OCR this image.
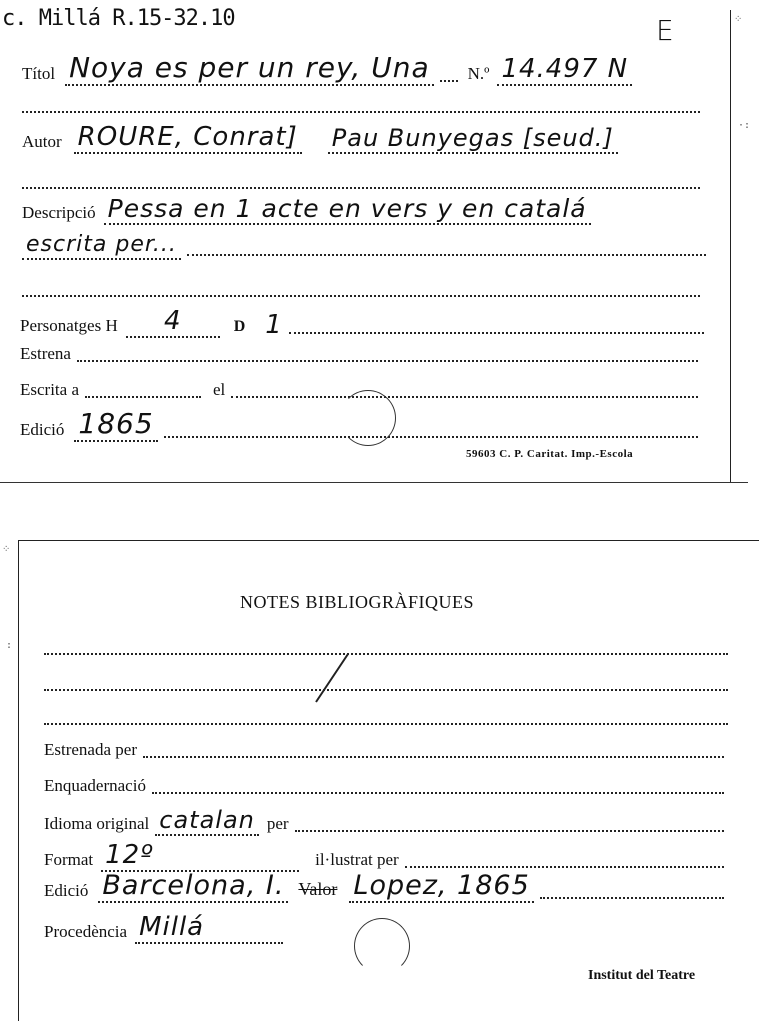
c. Millá R.15-32.10	E
Títol Noya es per un rey, Una N.º 14.497 N
Autor ROURE, Conrat] Pau Bunyegas [seud.]
Descripció Pessa en 1 acte en vers y en catalá
escrita per...
Personatges H	4	D 1
Estrena
Escrita a	el
Edició 1865
59603 C. P. Caritat. Imp.-Escola
⁘
·:
NOTES BIBLIOGRÀFIQUES
Estrenada per
Enquadernació
Idioma original catalan per
Format 12º	il·lustrat per
Edició Barcelona, I. Valor Lopez, 1865
Procedència Millá
Institut del Teatre
⁘
:
